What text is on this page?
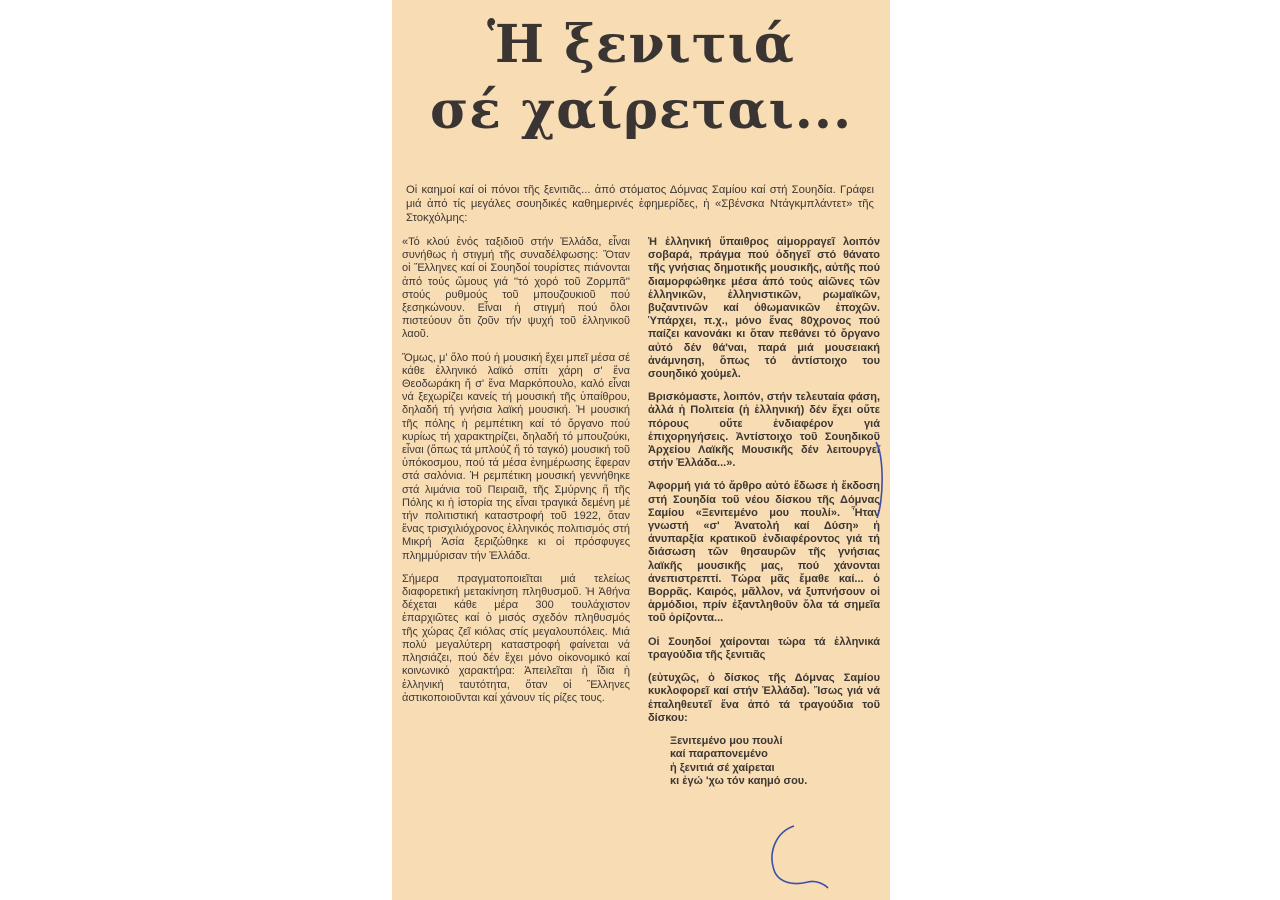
Ἡ ξενιτιά
σέ χαίρεται...
Οἱ καημοί καί οἱ πόνοι τῆς ξενιτιᾶς... ἀπό στόματος Δόμνας Σαμίου καί στή Σουηδία. Γράφει μιά ἀπό τίς μεγάλες σουηδικές καθημερινές ἐφημερίδες, ἡ «Σβένσκα Ντάγκμπλάντετ» τῆς Στοκχόλμης:

«Τό κλού ἑνός ταξιδιοῦ στήν Ἑλλάδα, εἶναι συνήθως ἡ στιγμή τῆς συναδέλφωσης: Ὅταν οἱ Ἕλληνες καί οἱ Σουηδοί τουρίστες πιάνονται ἀπό τούς ὤμους γιά ''τό χορό τοῦ Ζορμπᾶ'' στούς ρυθμούς τοῦ μπουζουκιοῦ πού ξεσηκώνουν. Εἶναι ἡ στιγμή πού ὅλοι πιστεύουν ὅτι ζοῦν τήν ψυχή τοῦ ἑλληνικοῦ λαοῦ.

Ὅμως, μ' ὅλο πού ἡ μουσική ἔχει μπεῖ μέσα σέ κάθε ἑλληνικό λαϊκό σπίτι χάρη σ' ἕνα Θεοδωράκη ἤ σ' ἕνα Μαρκόπουλο, καλό εἶναι νά ξεχωρίζει κανείς τή μουσική τῆς ὑπαίθρου, δηλαδή τή γνήσια λαϊκή μουσική. Ἡ μουσική τῆς πόλης ἡ ρεμπέτικη καί τό ὄργανο πού κυρίως τή χαρακτηρίζει, δηλαδή τό μπουζούκι, εἶναι (ὅπως τά μπλούζ ἤ τό ταγκό) μουσική τοῦ ὑπόκοσμου, πού τά μέσα ἐνημέρωσης ἔφεραν στά σαλόνια. Ἡ ρεμπέτικη μουσική γεννήθηκε στά λιμάνια τοῦ Πειραιᾶ, τῆς Σμύρνης ἤ τῆς Πόλης κι ἡ ἱστορία της εἶναι τραγικά δεμένη μέ τήν πολιτιστική καταστροφή τοῦ 1922, ὅταν ἕνας τρισχιλιόχρονος ἑλληνικός πολιτισμός στή Μικρή Ἀσία ξεριζώθηκε κι οἱ πρόσφυγες πλημμύρισαν τήν Ἑλλάδα.

Σήμερα πραγματοποιεῖται μιά τελείως διαφορετική μετακίνηση πληθυσμοῦ. Ἡ Ἀθήνα δέχεται κάθε μέρα 300 τουλάχιστον ἐπαρχιῶτες καί ὁ μισός σχεδόν πληθυσμός τῆς χώρας ζεῖ κιόλας στίς μεγαλουπόλεις. Μιά πολύ μεγαλύτερη καταστροφή φαίνεται νά πλησιάζει, πού δέν ἔχει μόνο οἰκονομικό καί κοινωνικό χαρακτήρα: Ἀπειλεῖται ἡ ἴδια ἡ ἑλληνική ταυτότητα, ὅταν οἱ Ἕλληνες ἀστικοποιοῦνται καί χάνουν τίς ρίζες τους.

Ἡ ἑλληνική ὕπαιθρος αἱμορραγεῖ λοιπόν σοβαρά, πράγμα πού ὁδηγεῖ στό θάνατο τῆς γνήσιας δημοτικῆς μουσικῆς, αὐτῆς πού διαμορφώθηκε μέσα ἀπό τούς αἰῶνες τῶν ἑλληνικῶν, ἑλληνιστικῶν, ρωμαϊκῶν, βυζαντινῶν καί ὀθωμανικῶν ἐποχῶν. Ὑπάρχει, π.χ., μόνο ἕνας 80χρονος πού παίζει κανονάκι κι ὅταν πεθάνει τό ὄργανο αὐτό δέν θά'ναι, παρά μιά μουσειακή ἀνάμνηση, ὅπως τό ἀντίστοιχο του σουηδικό χούμελ.

Βρισκόμαστε, λοιπόν, στήν τελευταία φάση, ἀλλά ἡ Πολιτεία (ἡ ἑλληνική) δέν ἔχει οὔτε πόρους οὔτε ἐνδιαφέρον γιά ἐπιχορηγήσεις. Ἀντίστοιχο τοῦ Σουηδικοῦ Ἀρχείου Λαϊκῆς Μουσικῆς δέν λειτουργεῖ στήν Ἑλλάδα...».

Ἀφορμή γιά τό ἄρθρο αὐτό ἔδωσε ἡ ἔκδοση στή Σουηδία τοῦ νέου δίσκου τῆς Δόμνας Σαμίου «Ξενιτεμένο μου πουλί». Ἦταν γνωστή «σ' Ἀνατολή καί Δύση» ἡ ἀνυπαρξία κρατικοῦ ἐνδιαφέροντος γιά τή διάσωση τῶν θησαυρῶν τῆς γνήσιας λαϊκῆς μουσικῆς μας, πού χάνονται ἀνεπιστρεπτί. Τώρα μᾶς ἔμαθε καί... ὁ Βορρᾶς. Καιρός, μᾶλλον, νά ξυπνήσουν οἱ ἁρμόδιοι, πρίν ἐξαντληθοῦν ὅλα τά σημεῖα τοῦ ὁρίζοντα...

Οἱ Σουηδοί χαίρονται τώρα τά ἑλληνικά τραγούδια τῆς ξενιτιᾶς

(εὐτυχῶς, ὁ δίσκος τῆς Δόμνας Σαμίου κυκλοφορεῖ καί στήν Ἑλλάδα). Ἴσως γιά νά ἐπαληθευτεῖ ἕνα ἀπό τά τραγούδια τοῦ δίσκου:

Ξενιτεμένο μου πουλί
καί παραπονεμένο
ἡ ξενιτιά σέ χαίρεται
κι ἐγώ 'χω τόν καημό σου.
